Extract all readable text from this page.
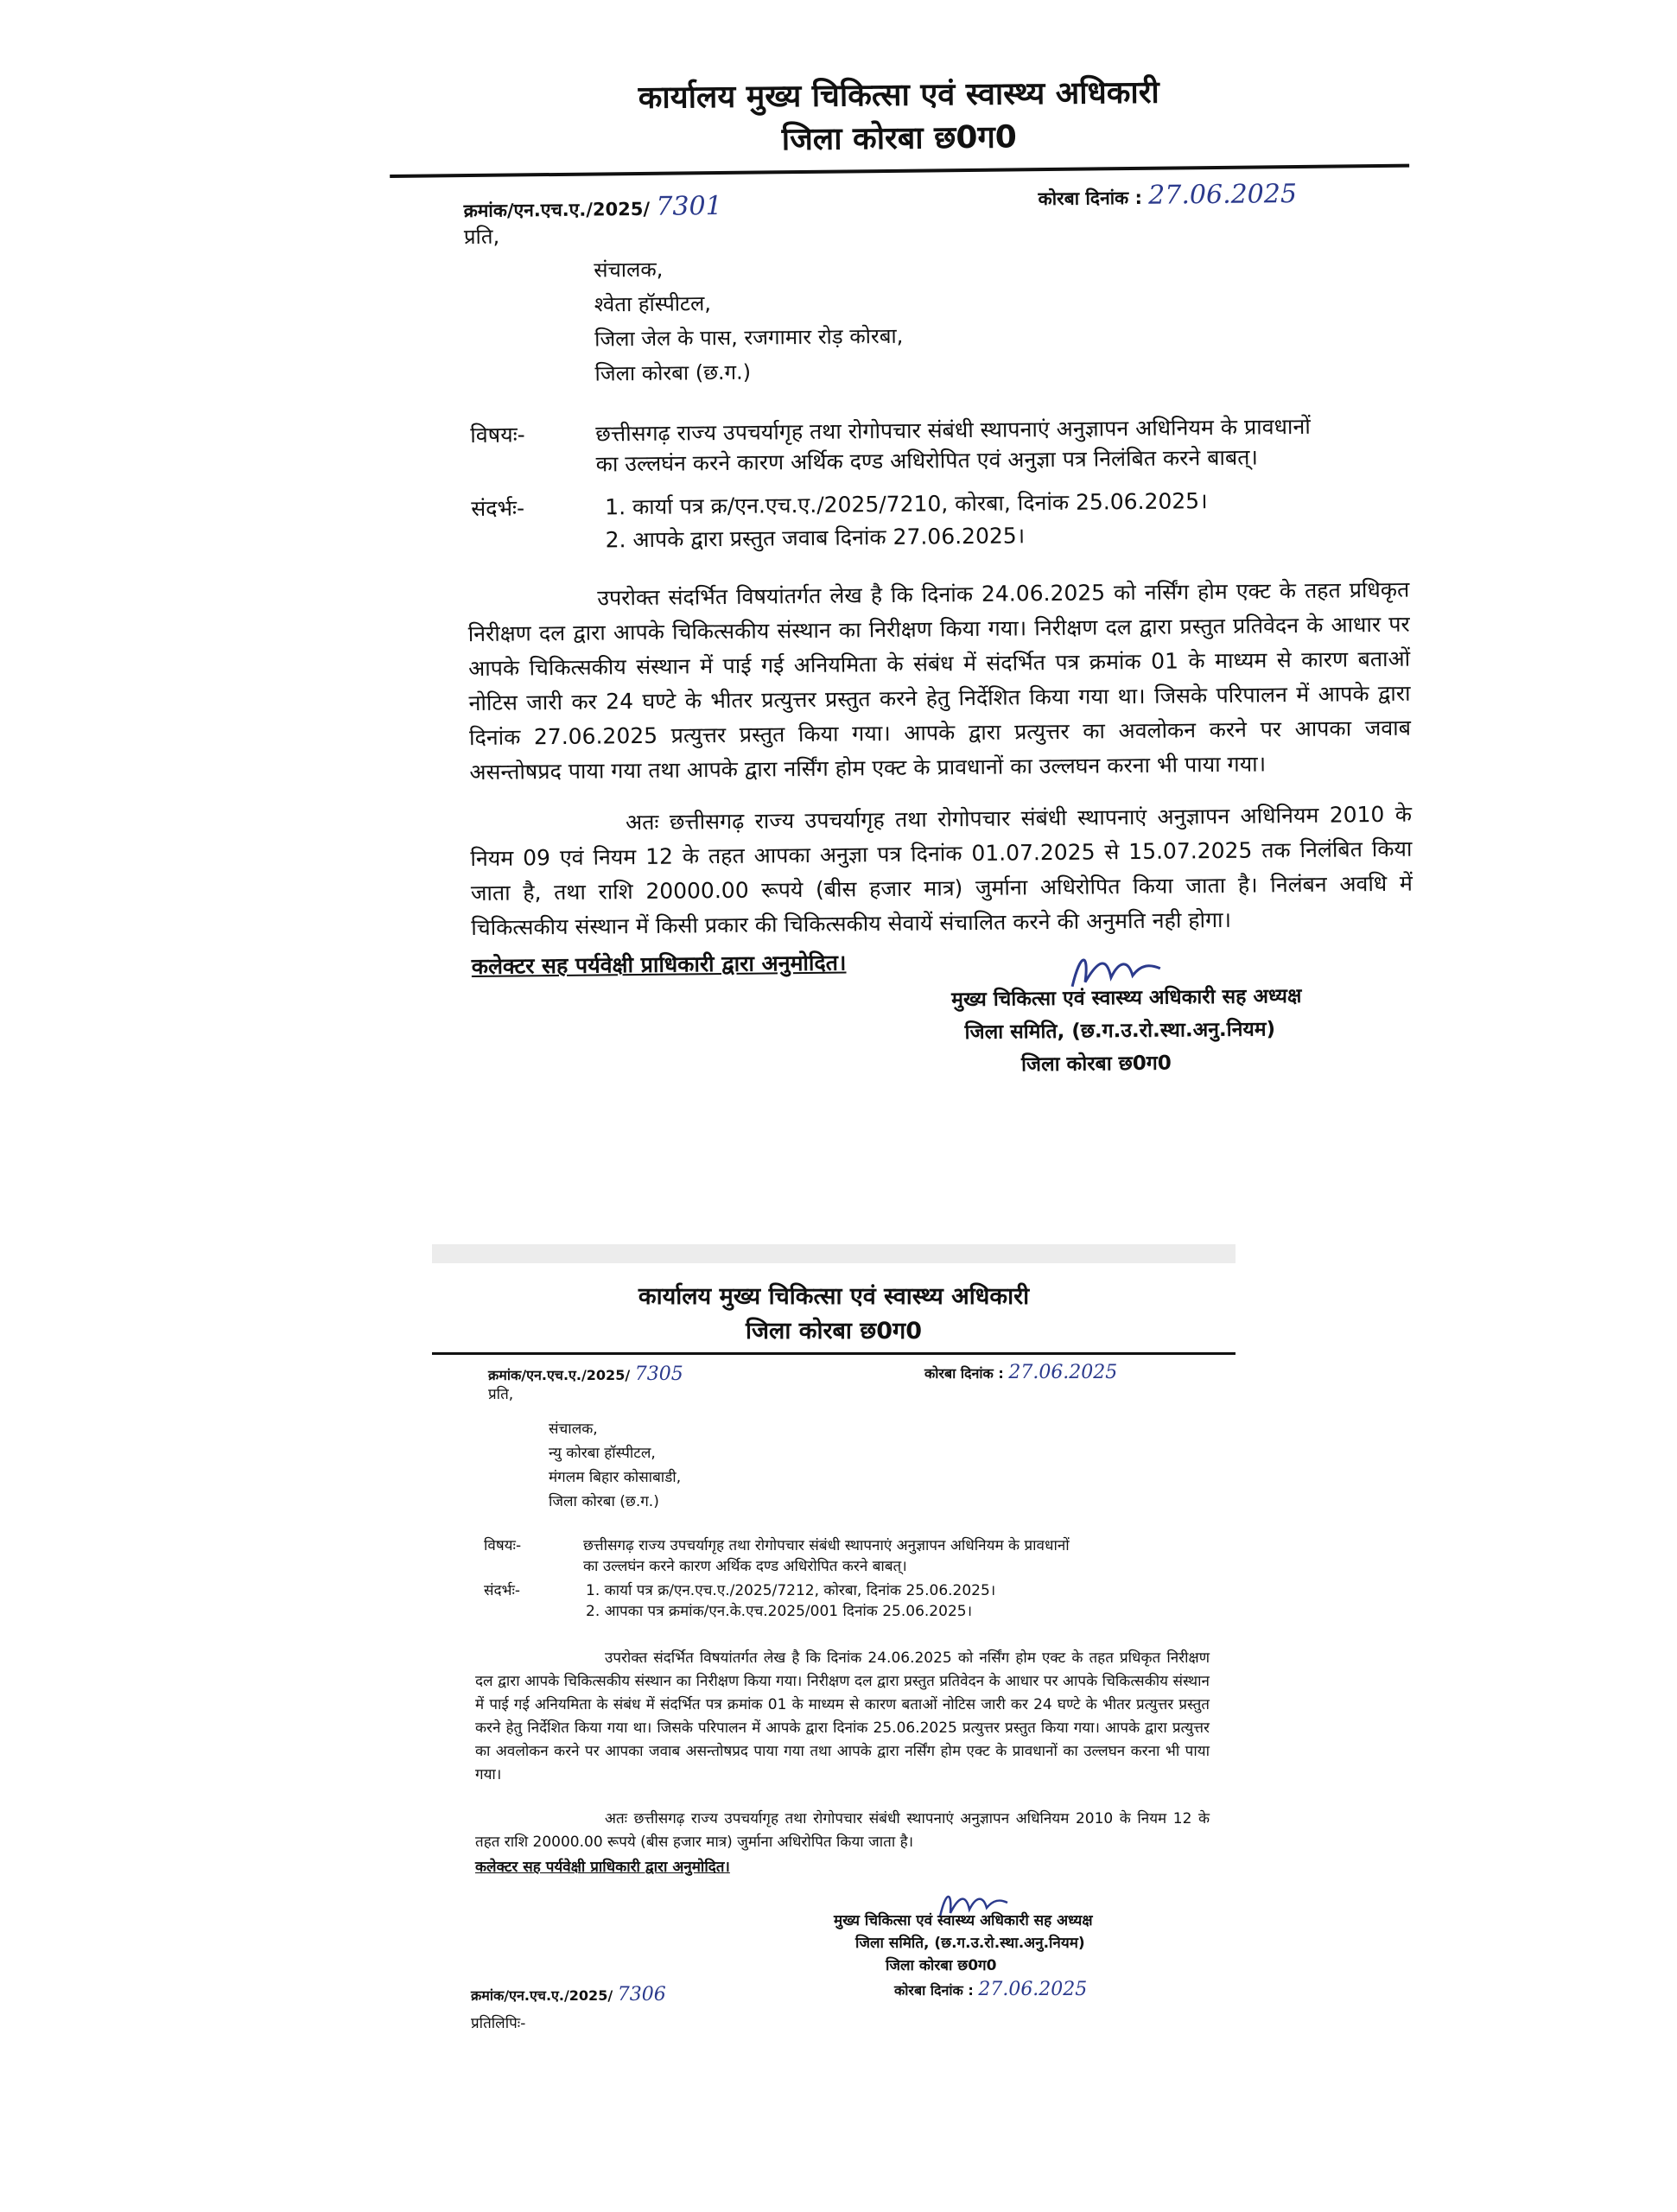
कार्यालय मुख्य चिकित्सा एवं स्वास्थ्य अधिकारी
जिला कोरबा छ0ग0
क्रमांक/एन.एच.ए./2025/ 7301	कोरबा दिनांक : 27.06.2025
प्रति,
संचालक,
श्वेता हॉस्पीटल,
जिला जेल के पास, रजगामार रोड़ कोरबा,
जिला कोरबा (छ.ग.)
विषयः-	छत्तीसगढ़ राज्य उपचर्यागृह तथा रोगोपचार संबंधी स्थापनाएं अनुज्ञापन अधिनियम के प्रावधानों
का उल्लघंन करने कारण अर्थिक दण्ड अधिरोपित एवं अनुज्ञा पत्र निलंबित करने बाबत्।
संदर्भः-	1. कार्या पत्र क्र/एन.एच.ए./2025/7210, कोरबा, दिनांक 25.06.2025।
2. आपके द्वारा प्रस्तुत जवाब दिनांक 27.06.2025।
उपरोक्त संदर्भित विषयांतर्गत लेख है कि दिनांक 24.06.2025 को नर्सिंग होम एक्ट के तहत प्रधिकृत निरीक्षण दल द्वारा आपके चिकित्सकीय संस्थान का निरीक्षण किया गया। निरीक्षण दल द्वारा प्रस्तुत प्रतिवेदन के आधार पर आपके चिकित्सकीय संस्थान में पाई गई अनियमिता के संबंध में संदर्भित पत्र क्रमांक 01 के माध्यम से कारण बताओं नोटिस जारी कर 24 घण्टे के भीतर प्रत्युत्तर प्रस्तुत करने हेतु निर्देशित किया गया था। जिसके परिपालन में आपके द्वारा दिनांक 27.06.2025 प्रत्युत्तर प्रस्तुत किया गया। आपके द्वारा प्रत्युत्तर का अवलोकन करने पर आपका जवाब असन्तोषप्रद पाया गया तथा आपके द्वारा नर्सिंग होम एक्ट के प्रावधानों का उल्लघन करना भी पाया गया।
अतः छत्तीसगढ़ राज्य उपचर्यागृह तथा रोगोपचार संबंधी स्थापनाएं अनुज्ञापन अधिनियम 2010 के नियम 09 एवं नियम 12 के तहत आपका अनुज्ञा पत्र दिनांक 01.07.2025 से 15.07.2025 तक निलंबित किया जाता है, तथा राशि 20000.00 रूपये (बीस हजार मात्र) जुर्माना अधिरोपित किया जाता है। निलंबन अवधि में चिकित्सकीय संस्थान में किसी प्रकार की चिकित्सकीय सेवायें संचालित करने की अनुमति नही होगा।
कलेक्टर सह पर्यवेक्षी प्राधिकारी द्वारा अनुमोदित।
मुख्य चिकित्सा एवं स्वास्थ्य अधिकारी सह अध्यक्ष
जिला समिति, (छ.ग.उ.रो.स्था.अनु.नियम)
जिला कोरबा छ0ग0
कार्यालय मुख्य चिकित्सा एवं स्वास्थ्य अधिकारी
जिला कोरबा छ0ग0
क्रमांक/एन.एच.ए./2025/ 7305	कोरबा दिनांक : 27.06.2025
प्रति,
संचालक,
न्यु कोरबा हॉस्पीटल,
मंगलम बिहार कोसाबाडी,
जिला कोरबा (छ.ग.)
विषयः-	छत्तीसगढ़ राज्य उपचर्यागृह तथा रोगोपचार संबंधी स्थापनाएं अनुज्ञापन अधिनियम के प्रावधानों
का उल्लघंन करने कारण अर्थिक दण्ड अधिरोपित करने बाबत्।
संदर्भः-	1. कार्या पत्र क्र/एन.एच.ए./2025/7212, कोरबा, दिनांक 25.06.2025।
2. आपका पत्र क्रमांक/एन.के.एच.2025/001 दिनांक 25.06.2025।
उपरोक्त संदर्भित विषयांतर्गत लेख है कि दिनांक 24.06.2025 को नर्सिंग होम एक्ट के तहत प्रधिकृत निरीक्षण दल द्वारा आपके चिकित्सकीय संस्थान का निरीक्षण किया गया। निरीक्षण दल द्वारा प्रस्तुत प्रतिवेदन के आधार पर आपके चिकित्सकीय संस्थान में पाई गई अनियमिता के संबंध में संदर्भित पत्र क्रमांक 01 के माध्यम से कारण बताओं नोटिस जारी कर 24 घण्टे के भीतर प्रत्युत्तर प्रस्तुत करने हेतु निर्देशित किया गया था। जिसके परिपालन में आपके द्वारा दिनांक 25.06.2025 प्रत्युत्तर प्रस्तुत किया गया। आपके द्वारा प्रत्युत्तर का अवलोकन करने पर आपका जवाब असन्तोषप्रद पाया गया तथा आपके द्वारा नर्सिंग होम एक्ट के प्रावधानों का उल्लघन करना भी पाया गया।
अतः छत्तीसगढ़ राज्य उपचर्यागृह तथा रोगोपचार संबंधी स्थापनाएं अनुज्ञापन अधिनियम 2010 के नियम 12 के तहत राशि 20000.00 रूपये (बीस हजार मात्र) जुर्माना अधिरोपित किया जाता है।
कलेक्टर सह पर्यवेक्षी प्राधिकारी द्वारा अनुमोदित।
मुख्य चिकित्सा एवं स्वास्थ्य अधिकारी सह अध्यक्ष
जिला समिति, (छ.ग.उ.रो.स्था.अनु.नियम)
जिला कोरबा छ0ग0
कोरबा दिनांक : 27.06.2025
क्रमांक/एन.एच.ए./2025/ 7306
प्रतिलिपिः-
